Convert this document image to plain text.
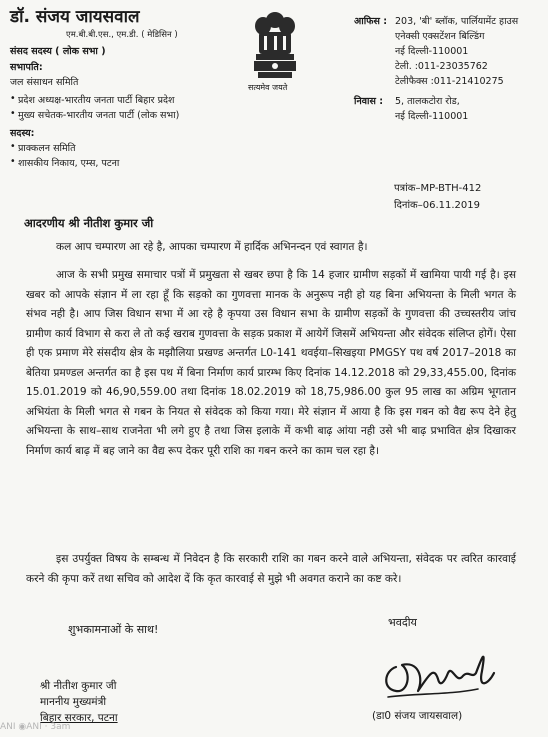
डॉ. संजय जायसवाल
एम.बी.बी.एस., एम.डी. ( मेडिसिन )
संसद सदस्य ( लोक सभा )
सभापति:
जल संसाधन समिति
• प्रदेश अध्यक्ष-भारतीय जनता पार्टी बिहार प्रदेश
• मुख्य सचेतक-भारतीय जनता पार्टी (लोक सभा)
सदस्य:
• प्राक्कलन समिति
• शासकीय निकाय, एम्स, पटना
सत्यमेव जयते
आफिस : 203, 'बी' ब्लॉक, पार्लियामेंट हाउस
एनेक्सी एक्सटेंशन बिल्डिंग
नई दिल्ली-110001
टेली. :011-23035762
टेलीफैक्स :011-21410275
निवास : 5, तालकटोरा रोड,
नई दिल्ली-110001
पत्रांक–MP-BTH-412
दिनांक–06.11.2019
आदरणीय श्री नीतीश कुमार जी
कल आप चम्पारण आ रहे है, आपका चम्पारण में हार्दिक अभिनन्दन एवं स्वागत है।
आज के सभी प्रमुख समाचार पत्रों में प्रमुखता से खबर छपा है कि 14 हजार ग्रामीण सड़कों में खामिया पायी गई है। इस खबर को आपके संज्ञान में ला रहा हूँ कि सड़को का गुणवत्ता मानक के अनुरूप नही हो यह बिना अभियन्ता के मिली भगत के संभव नही है। आप जिस विधान सभा में आ रहे है कृपया उस विधान सभा के ग्रामीण सड़कों के गुणवत्ता की उच्चस्तरीय जांच ग्रामीण कार्य विभाग से करा ले तो कई खराब गुणवत्ता के सड़क प्रकाश में आयेगें जिसमें अभियन्ता और संवेदक संलिप्त होगें। ऐसा ही एक प्रमाण मेरे संसदीय क्षेत्र के मझौलिया प्रखण्ड अन्तर्गत L0-141 थवईया–सिखइया PMGSY पथ वर्ष 2017–2018 का बेतिया प्रमण्डल अन्तर्गत का है इस पथ में बिना निर्माण कार्य प्रारम्भ किए दिनांक 14.12.2018 को 29,33,455.00, दिनांक 15.01.2019 को 46,90,559.00 तथा दिनांक 18.02.2019 को 18,75,986.00 कुल 95 लाख का अग्रिम भूगतान अभियंता के मिली भगत से गबन के नियत से संवेदक को किया गया। मेरे संज्ञान में आया है कि इस गबन को वैद्य रूप देने हेतु अभियन्ता के साथ–साथ राजनेता भी लगे हुए है तथा जिस इलाके में कभी बाढ़ आंया नही उसे भी बाढ़ प्रभावित क्षेत्र दिखाकर निर्माण कार्य बाढ़ में बह जाने का वैद्य रूप देकर पूरी राशि का गबन करने का काम चल रहा है।
इस उपर्युक्त विषय के सम्बन्ध में निवेदन है कि सरकारी राशि का गबन करने वाले अभियन्ता, संवेदक पर त्वरित कारवाई करने की कृपा करें तथा सचिव को आदेश दें कि कृत कारवाई से मुझे भी अवगत कराने का कष्ट करे।
शुभकामनाओं के साथ!
भवदीय
श्री नीतीश कुमार जी
माननीय मुख्यमंत्री
बिहार सरकार, पटना	(डा0 संजय जायसवाल)
ANI ◉ANI · 3am
